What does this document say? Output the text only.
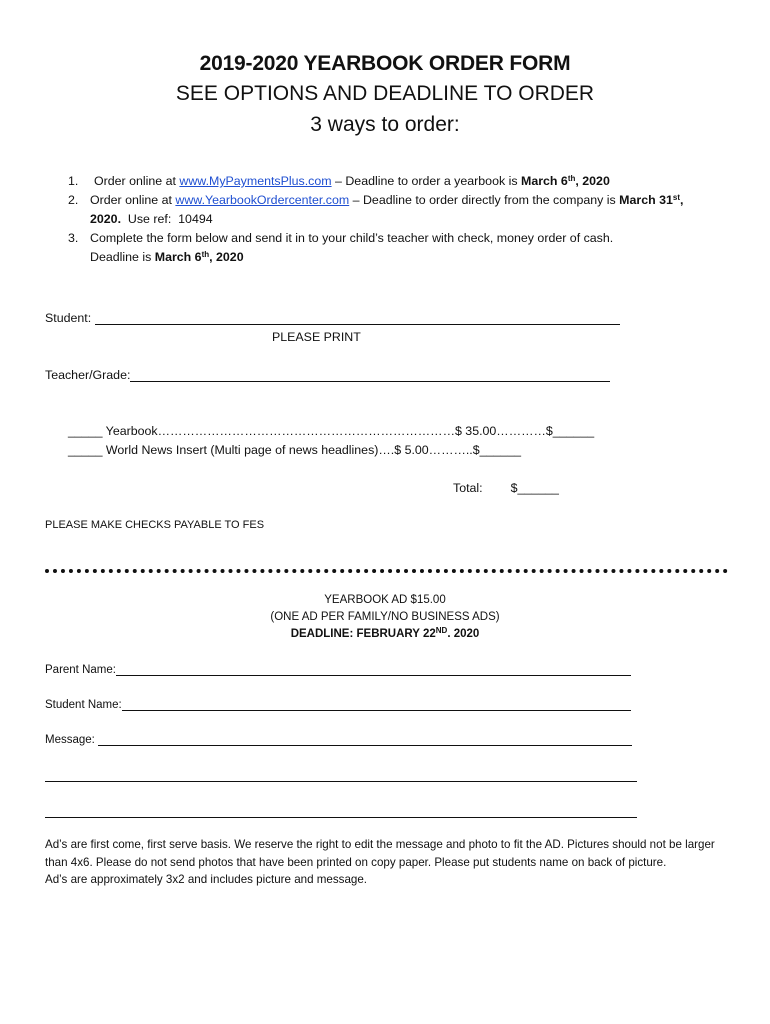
2019-2020 YEARBOOK ORDER FORM
SEE OPTIONS AND DEADLINE TO ORDER
3 ways to order:
1. Order online at www.MyPaymentsPlus.com – Deadline to order a yearbook is March 6th, 2020
2. Order online at www.YearbookOrdercenter.com – Deadline to order directly from the company is March 31st, 2020.  Use ref:  10494
3. Complete the form below and send it in to your child’s teacher with check, money order of cash.
Deadline is March 6th, 2020
Student:
PLEASE PRINT
Teacher/Grade:
_____ Yearbook………………………………………………………………$ 35.00…………$______
_____ World News Insert (Multi page of news headlines)….$ 5.00………..$______
Total: $______
PLEASE MAKE CHECKS PAYABLE TO FES
YEARBOOK AD $15.00
(ONE AD PER FAMILY/NO BUSINESS ADS)
DEADLINE: FEBRUARY 22ND. 2020
Parent Name:
Student Name:
Message:
Ad’s are first come, first serve basis. We reserve the right to edit the message and photo to fit the AD. Pictures should not be larger than 4x6. Please do not send photos that have been printed on copy paper. Please put students name on back of picture.
Ad’s are approximately 3x2 and includes picture and message.
